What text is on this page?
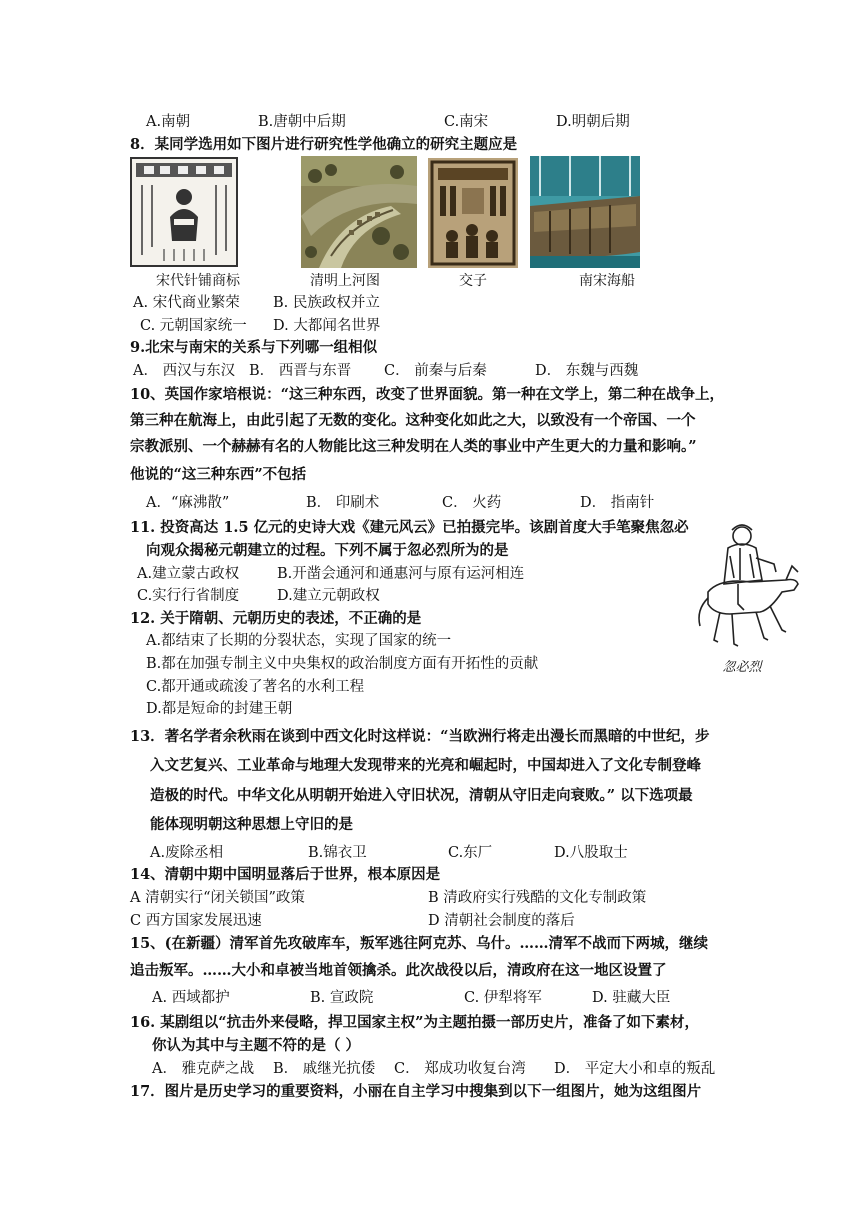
A.南朝	B.唐朝中后期	C.南宋	D.明朝后期
8．某同学选用如下图片进行研究性学他确立的研究主题应是
宋代针铺商标	清明上河图	交子	南宋海船
A. 宋代商业繁荣 B. 民族政权并立
C. 元朝国家统一 D. 大都闻名世界
9.北宋与南宋的关系与下列哪一组相似
A． 西汉与东汉 B． 西晋与东晋 C． 前秦与后秦	D． 东魏与西魏
10、英国作家培根说：“这三种东西，改变了世界面貌。第一种在文学上，第二种在战争上，
第三种在航海上，由此引起了无数的变化。这种变化如此之大，以致没有一个帝国、一个
宗教派别、一个赫赫有名的人物能比这三种发明在人类的事业中产生更大的力量和影响。”
他说的“这三种东西”不包括
A．“麻沸散”	B． 印刷术	C． 火药	D． 指南针
11. 投资高达 1.5 亿元的史诗大戏《建元风云》已拍摄完毕。该剧首度大手笔聚焦忽必
向观众揭秘元朝建立的过程。下列不属于忽必烈所为的是
A.建立蒙古政权	B.开凿会通河和通惠河与原有运河相连
C.实行行省制度	D.建立元朝政权
忽必烈
12. 关于隋朝、元朝历史的表述，不正确的是
A.都结束了长期的分裂状态，实现了国家的统一
B.都在加强专制主义中央集权的政治制度方面有开拓性的贡献
C.都开通或疏浚了著名的水利工程
D.都是短命的封建王朝
13．著名学者余秋雨在谈到中西文化时这样说：“当欧洲行将走出漫长而黑暗的中世纪，步
入文艺复兴、工业革命与地理大发现带来的光亮和崛起时，中国却进入了文化专制登峰
造极的时代。中华文化从明朝开始进入守旧状况，清朝从守旧走向衰败。” 以下选项最
能体现明朝这种思想上守旧的是
A.废除丞相	B.锦衣卫	C.东厂	D.八股取士
14、清朝中期中国明显落后于世界，根本原因是
A 清朝实行“闭关锁国”政策	B 清政府实行残酷的文化专制政策
C 西方国家发展迅速	D 清朝社会制度的落后
15、(在新疆）清军首先攻破库车，叛军逃往阿克苏、乌什。……清军不战而下两城，继续
追击叛军。……大小和卓被当地首领擒杀。此次战役以后，清政府在这一地区设置了
A. 西域都护	B. 宣政院	C. 伊犁将军	D. 驻藏大臣
16. 某剧组以“抗击外来侵略，捍卫国家主权”为主题拍摄一部历史片，准备了如下素材，
你认为其中与主题不符的是（ ）
A． 雅克萨之战 B． 戚继光抗倭 C． 郑成功收复台湾 D． 平定大小和卓的叛乱
17．图片是历史学习的重要资料，小丽在自主学习中搜集到以下一组图片，她为这组图片
